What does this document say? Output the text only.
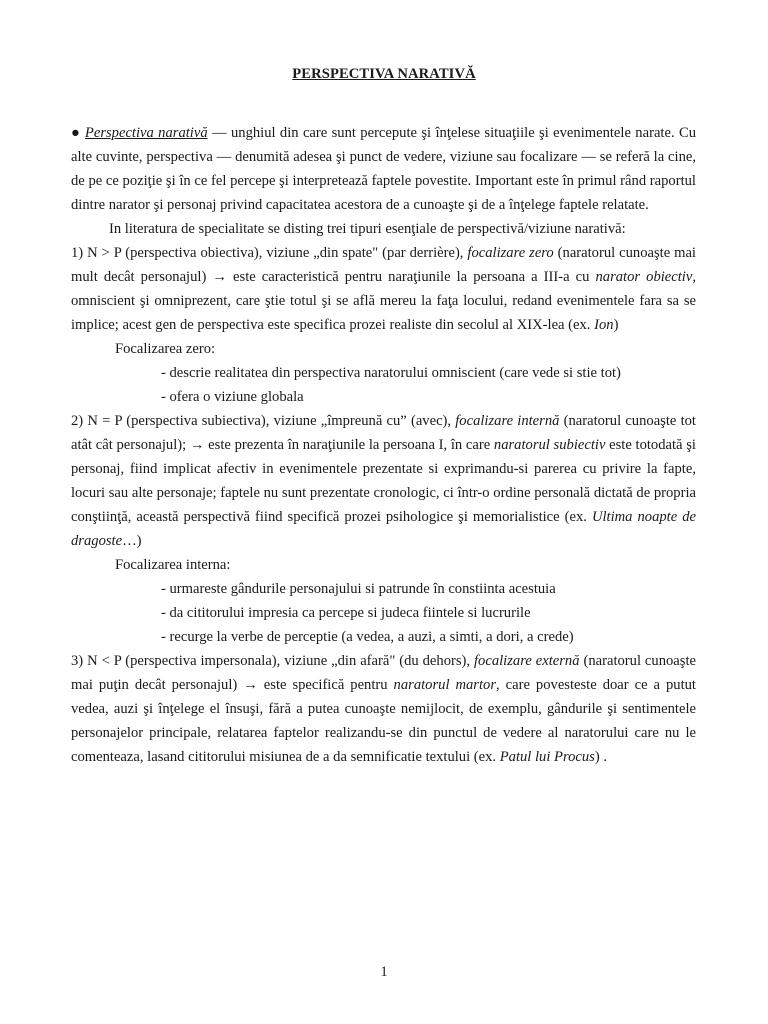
PERSPECTIVA NARATIVĂ

● Perspectiva narativă — unghiul din care sunt percepute şi înţelese situaţiile şi evenimentele narate. Cu alte cuvinte, perspectiva — denumită adesea şi punct de vedere, viziune sau focalizare — se referă la cine, de pe ce poziţie şi în ce fel percepe şi interpretează faptele povestite. Important este în primul rând raportul dintre narator şi personaj privind capacitatea acestora de a cunoaşte şi de a înţelege faptele relatate.

In literatura de specialitate se disting trei tipuri esenţiale de perspectivă/viziune narativă:

1) N > P (perspectiva obiectiva), viziune „din spate" (par derrière), focalizare zero (naratorul cunoaşte mai mult decât personajul) → este caracteristică pentru naraţiunile la persoana a III-a cu narator obiectiv, omniscient şi omniprezent, care ştie totul şi se află mereu la faţa locului, redand evenimentele fara sa se implice; acest gen de perspectiva este specifica prozei realiste din secolul al XIX-lea (ex. Ion)

Focalizarea zero:

- descrie realitatea din perspectiva naratorului omniscient (care vede si stie tot)

- ofera o viziune globala

2) N = P (perspectiva subiectiva), viziune „împreună cu” (avec), focalizare internă (naratorul cunoaşte tot atât cât personajul); → este prezenta în naraţiunile la persoana I, în care naratorul subiectiv este totodată şi personaj, fiind implicat afectiv in evenimentele prezentate si exprimandu-si parerea cu privire la fapte, locuri sau alte personaje; faptele nu sunt prezentate cronologic, ci într-o ordine personală dictată de propria conştiinţă, această perspectivă fiind specifică prozei psihologice şi memorialistice (ex. Ultima noapte de dragoste…)

Focalizarea interna:

- urmareste gândurile personajului si patrunde în constiinta acestuia

- da cititorului impresia ca percepe si judeca fiintele si lucrurile

- recurge la verbe de perceptie (a vedea, a auzi, a simti, a dori, a crede)

3) N < P (perspectiva impersonala), viziune „din afară" (du dehors), focalizare externă (naratorul cunoaşte mai puţin decât personajul) → este specifică pentru naratorul martor, care povesteste doar ce a putut vedea, auzi şi înţelege el însuşi, fără a putea cunoaşte nemijlocit, de exemplu, gândurile şi sentimentele personajelor principale, relatarea faptelor realizandu-se din punctul de vedere al naratorului care nu le comenteaza, lasand cititorului misiunea de a da semnificatie textului (ex. Patul lui Procus) .

1
